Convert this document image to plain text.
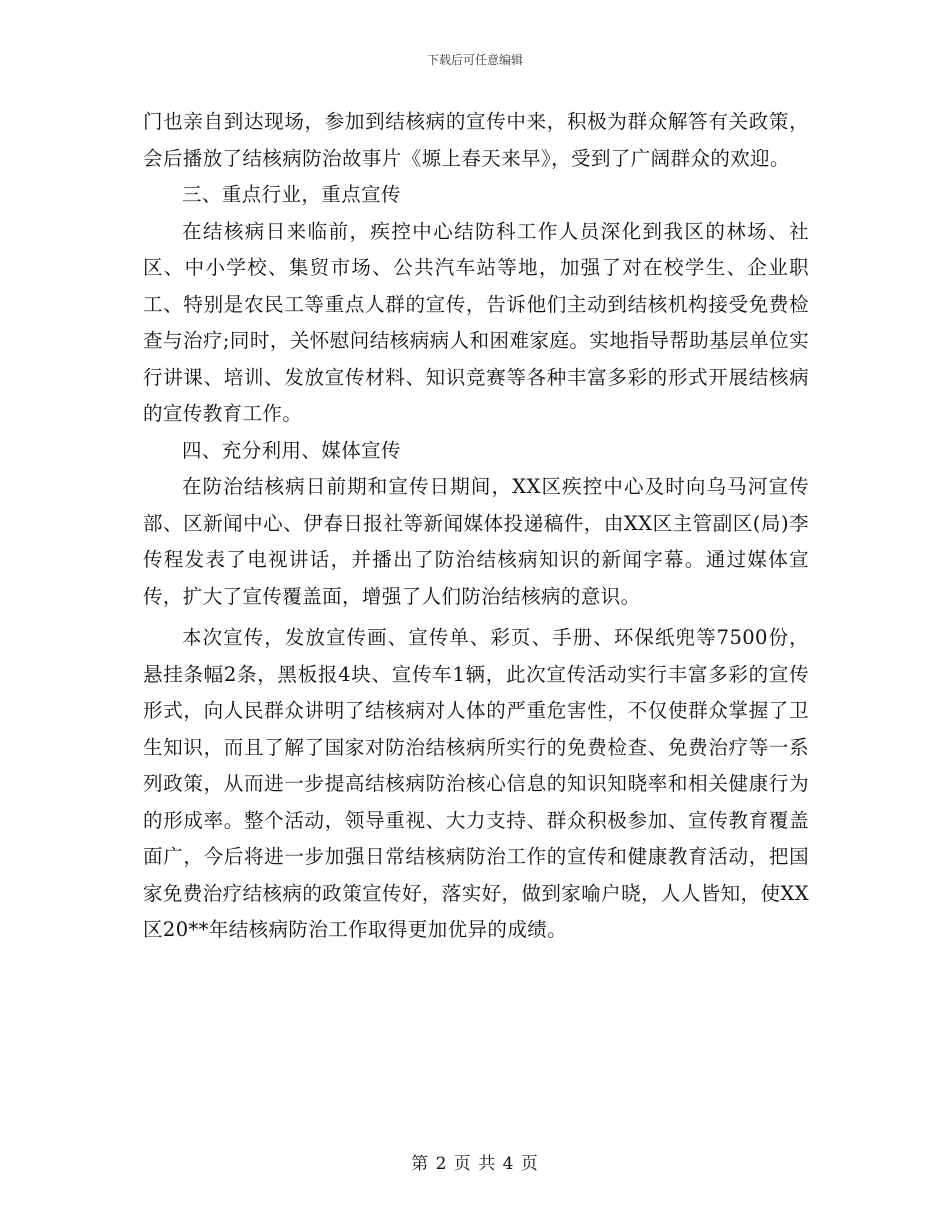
下载后可任意编辑

门也亲自到达现场，参加到结核病的宣传中来，积极为群众解答有关政策，会后播放了结核病防治故事片《塬上春天来早》，受到了广阔群众的欢迎。

三、重点行业，重点宣传

在结核病日来临前，疾控中心结防科工作人员深化到我区的林场、社区、中小学校、集贸市场、公共汽车站等地，加强了对在校学生、企业职工、特别是农民工等重点人群的宣传，告诉他们主动到结核机构接受免费检查与治疗;同时，关怀慰问结核病病人和困难家庭。实地指导帮助基层单位实行讲课、培训、发放宣传材料、知识竞赛等各种丰富多彩的形式开展结核病的宣传教育工作。

四、充分利用、媒体宣传

在防治结核病日前期和宣传日期间，XX区疾控中心及时向乌马河宣传部、区新闻中心、伊春日报社等新闻媒体投递稿件，由XX区主管副区(局)李传程发表了电视讲话，并播出了防治结核病知识的新闻字幕。通过媒体宣传，扩大了宣传覆盖面，增强了人们防治结核病的意识。

本次宣传，发放宣传画、宣传单、彩页、手册、环保纸兜等7500份，悬挂条幅2条，黑板报4块、宣传车1辆，此次宣传活动实行丰富多彩的宣传形式，向人民群众讲明了结核病对人体的严重危害性，不仅使群众掌握了卫生知识，而且了解了国家对防治结核病所实行的免费检查、免费治疗等一系列政策，从而进一步提高结核病防治核心信息的知识知晓率和相关健康行为的形成率。整个活动，领导重视、大力支持、群众积极参加、宣传教育覆盖面广，今后将进一步加强日常结核病防治工作的宣传和健康教育活动，把国家免费治疗结核病的政策宣传好，落实好，做到家喻户晓，人人皆知，使XX区20**年结核病防治工作取得更加优异的成绩。

第 2 页 共 4 页
